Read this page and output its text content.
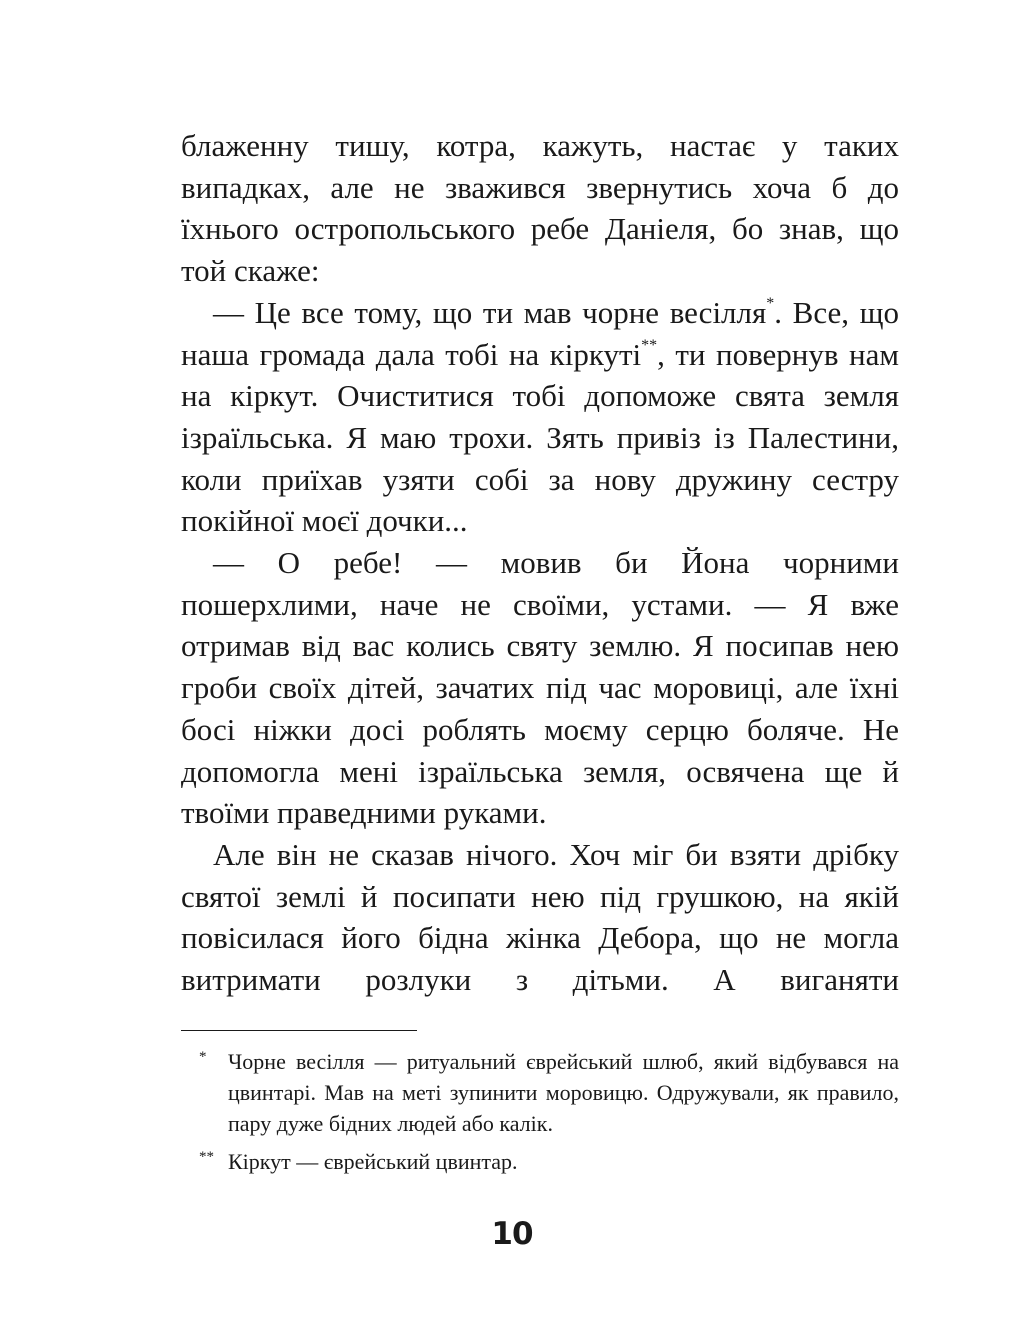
блаженну тишу, котра, кажуть, настає у таких випадках, але не зважився звернутись хоча б до їхнього остропольського ребе Даніеля, бо знав, що той скаже:

— Це все тому, що ти мав чорне весілля*. Все, що наша громада дала тобі на кіркуті**, ти повернув нам на кіркут. Очиститися тобі допоможе свята земля ізраїльська. Я маю трохи. Зять привіз із Палестини, коли приїхав узяти собі за нову дружину сестру покійної моєї дочки...

— О ребе! — мовив би Йона чорними пошерхлими, наче не своїми, устами. — Я вже отримав від вас колись святу землю. Я посипав нею гроби своїх дітей, зачатих під час моровиці, але їхні босі ніжки досі роблять моєму серцю боляче. Не допомогла мені ізраїльська земля, освячена ще й твоїми праведними руками.

Але він не сказав нічого. Хоч міг би взяти дрібку святої землі й посипати нею під грушкою, на якій повісилася його бідна жінка Дебора, що не могла витримати розлуки з дітьми. А виганяти

* Чорне весілля — ритуальний єврейський шлюб, який відбувався на цвинтарі. Мав на меті зупинити моровицю. Одружували, як правило, пару дуже бідних людей або калік.

** Кіркут — єврейський цвинтар.

10
